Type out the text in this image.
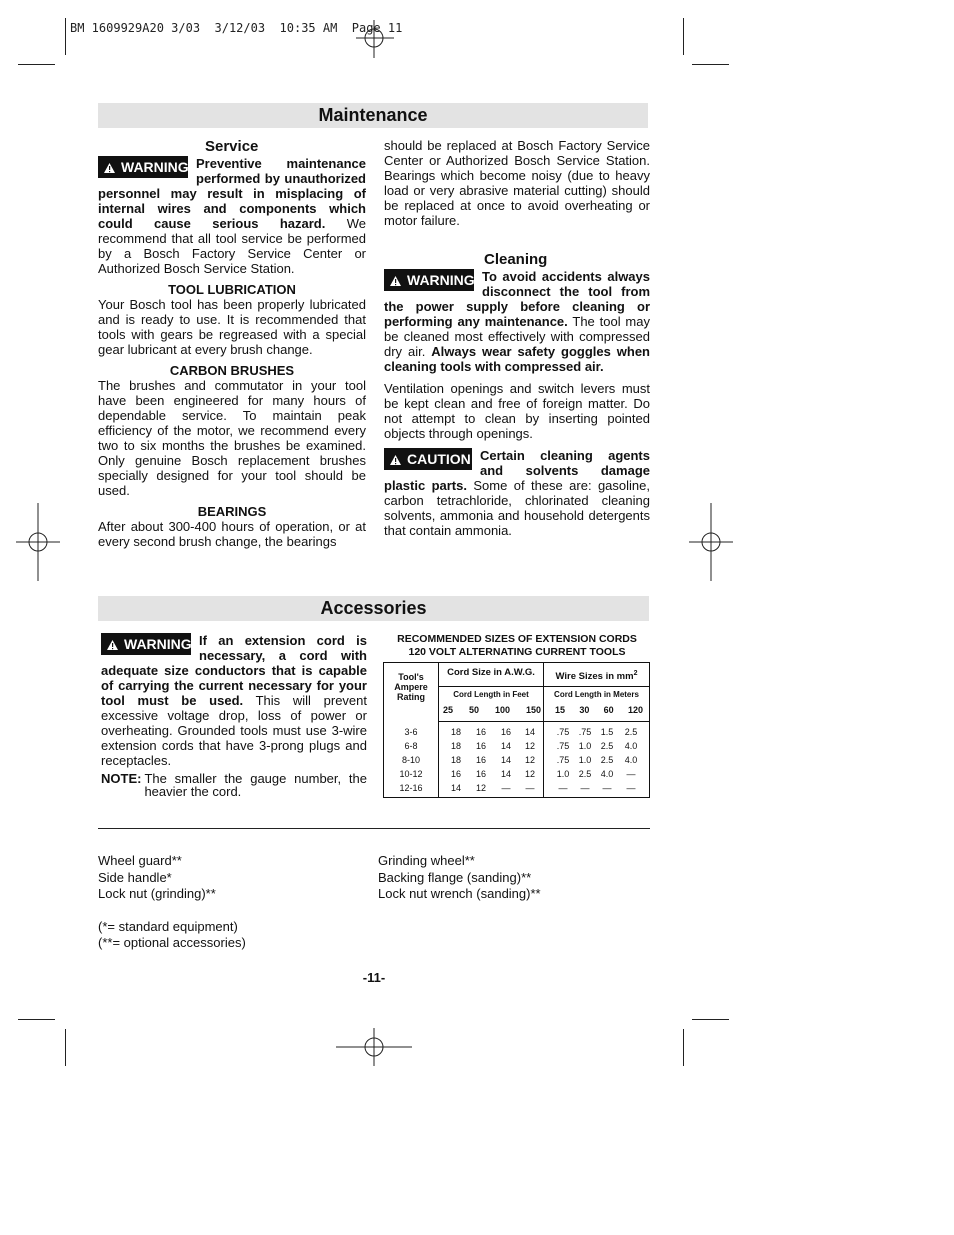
BM 1609929A20 3/03  3/12/03  10:35 AM  Page 11
Maintenance
Service

WARNING Preventive maintenance performed by unauthorized personnel may result in misplacing of internal wires and components which could cause serious hazard. We recommend that all tool service be performed by a Bosch Factory Service Center or Authorized Bosch Service Station.

TOOL LUBRICATION

Your Bosch tool has been properly lubricated and is ready to use. It is recommended that tools with gears be regreased with a special gear lubricant at every brush change.

CARBON BRUSHES

The brushes and commutator in your tool have been engineered for many hours of dependable service. To maintain peak efficiency of the motor, we recommend every two to six months the brushes be examined. Only genuine Bosch replacement brushes specially designed for your tool should be used.

BEARINGS

After about 300-400 hours of operation, or at every second brush change, the bearings

should be replaced at Bosch Factory Service Center or Authorized Bosch Service Station. Bearings which become noisy (due to heavy load or very abrasive material cutting) should be replaced at once to avoid overheating or motor failure.

Cleaning

WARNING To avoid accidents always disconnect the tool from the power supply before cleaning or performing any maintenance. The tool may be cleaned most effectively with compressed dry air. Always wear safety goggles when cleaning tools with compressed air.

Ventilation openings and switch levers must be kept clean and free of foreign matter. Do not attempt to clean by inserting pointed objects through openings.

CAUTION Certain cleaning agents and solvents damage plastic parts. Some of these are: gasoline, carbon tetrachloride, chlorinated cleaning solvents, ammonia and household detergents that contain ammonia.

Accessories

WARNING If an extension cord is necessary, a cord with adequate size conductors that is capable of carrying the current necessary for your tool must be used. This will prevent excessive voltage drop, loss of power or overheating. Grounded tools must use 3-wire extension cords that have 3-prong plugs and receptacles.

NOTE: The smaller the gauge number, the heavier the cord.
RECOMMENDED SIZES OF EXTENSION CORDS
120 VOLT ALTERNATING CURRENT TOOLS
Tool's Ampere Rating
Cord Size in A.W.G.
Cord Length in Feet
Wire Sizes in $mm^2$
Cord Length in Meters
25 50 100 150 15 30 60 120
3-6	18	16	16	14	.75	.75	1.5	2.5
6-8	18	16	14	12	.75	1.0	2.5	4.0
8-10	18	16	14	12	.75	1.0	2.5	4.0
10-12	16	16	14	12	1.0	2.5	4.0	—
12-16	14	12	—	—	—	—	—	—
Wheel guard**
Side handle*
Lock nut (grinding)**
(*= standard equipment)
(**= optional accessories)
Grinding wheel**
Backing flange (sanding)**
Lock nut wrench (sanding)**
-11-
